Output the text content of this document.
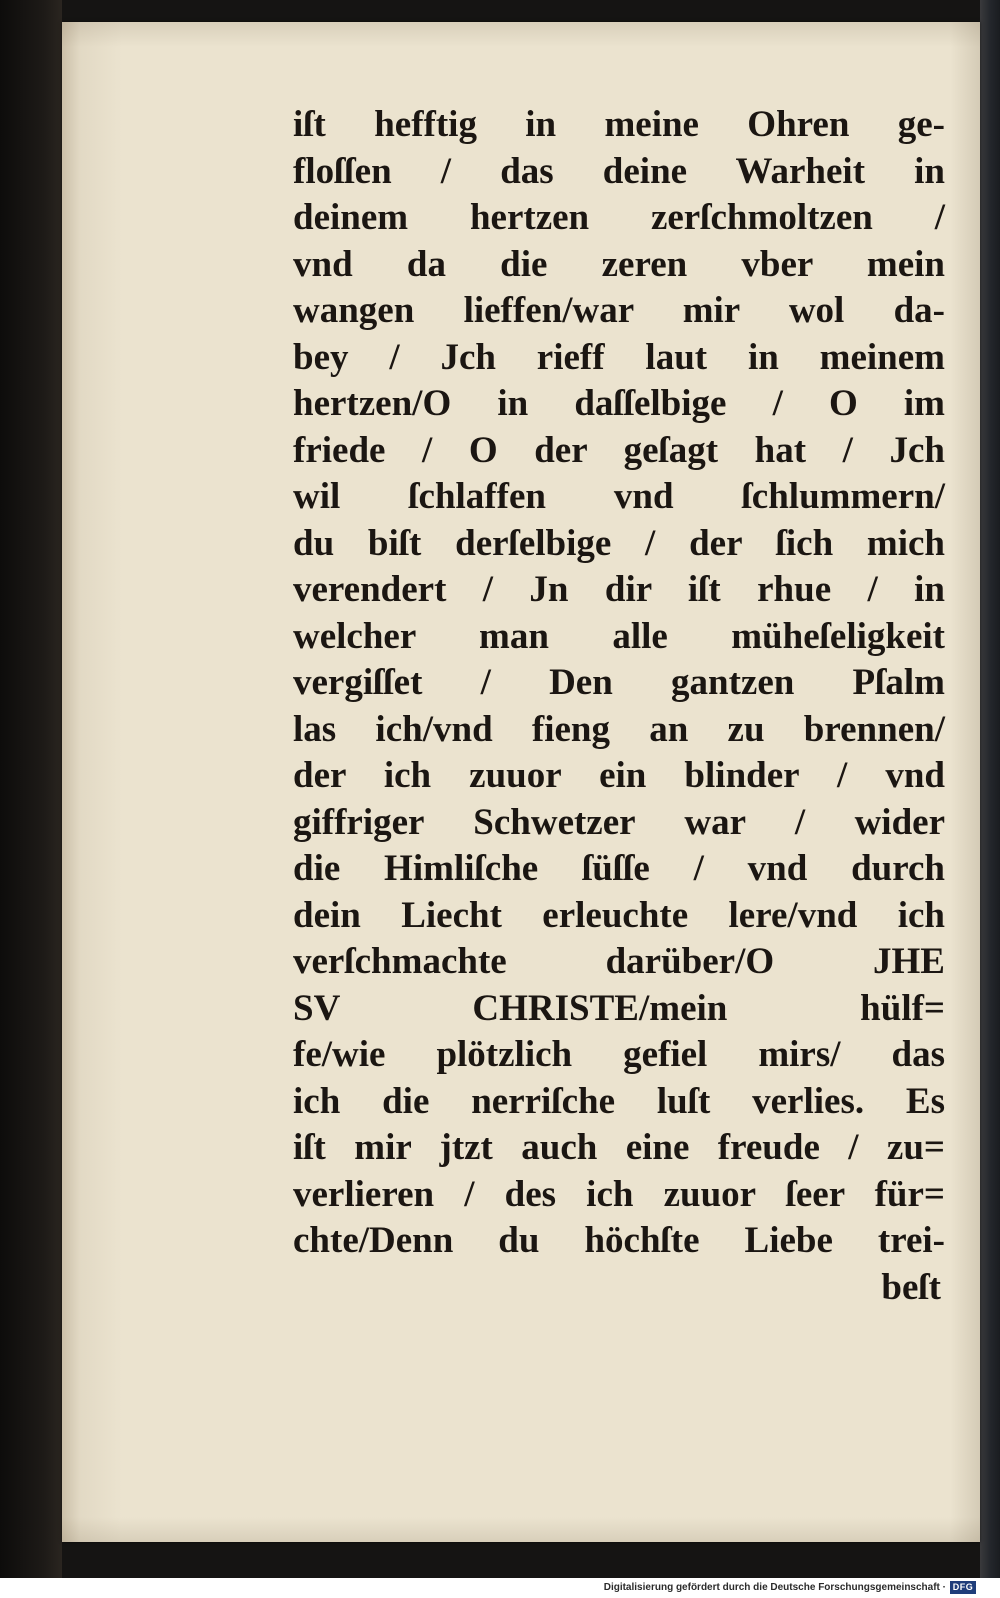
iſt hefftig in meine Ohren ge-
floſſen / das deine Warheit in
deinem hertzen zerſchmoltzen /
vnd da die zeren vber mein
wangen lieffen/war mir wol da-
bey / Jch rieff laut in meinem
hertzen/O in daſſelbige / O im
friede / O der geſagt hat / Jch
wil ſchlaffen vnd ſchlummern/
du biſt derſelbige / der ſich mich
verendert / Jn dir iſt rhue / in
welcher man alle müheſeligkeit
vergiſſet / Den gantzen Pſalm
las ich/vnd fieng an zu brennen/
der ich zuuor ein blinder / vnd
giffriger Schwetzer war / wider
die Himliſche ſüſſe / vnd durch
dein Liecht erleuchte lere/vnd ich
verſchmachte darüber/O JHE
SV CHRISTE/mein hülf=
fe/wie plötzlich gefiel mirs/ das
ich die nerriſche luſt verlies. Es
iſt mir jtzt auch eine freude / zu=
verlieren / des ich zuuor ſeer für=
chte/Denn du höchſte Liebe trei-
beſt
Digitalisierung gefördert durch die Deutsche Forschungsgemeinschaft · DFG
